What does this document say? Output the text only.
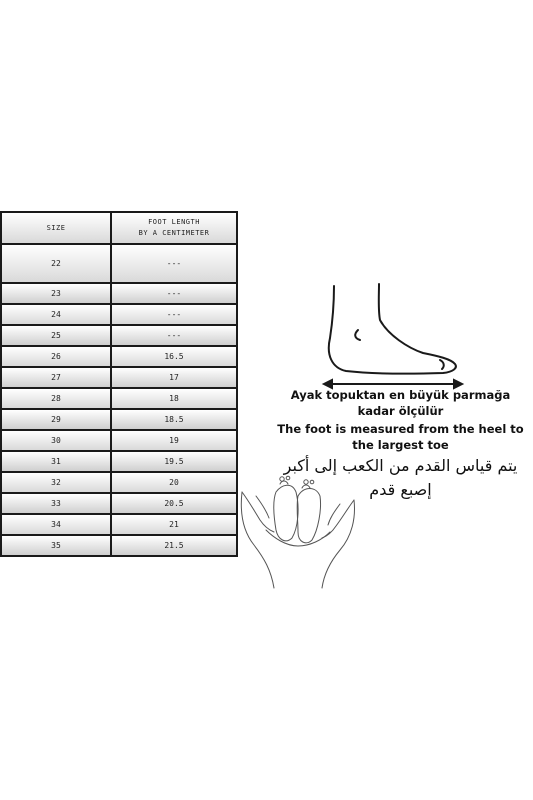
SIZE	FOOT LENGTH
BY A CENTIMETER

22	---
23	---
24	---
25	---
26	16.5
27	17
28	18
29	18.5
30	19
31	19.5
32	20
33	20.5
34	21
35	21.5
Ayak topuktan en büyük parmağa
kadar ölçülür
The foot is measured from the heel to
the largest toe
يتم قياس القدم من الكعب إلى أكبر
إصبع قدم
